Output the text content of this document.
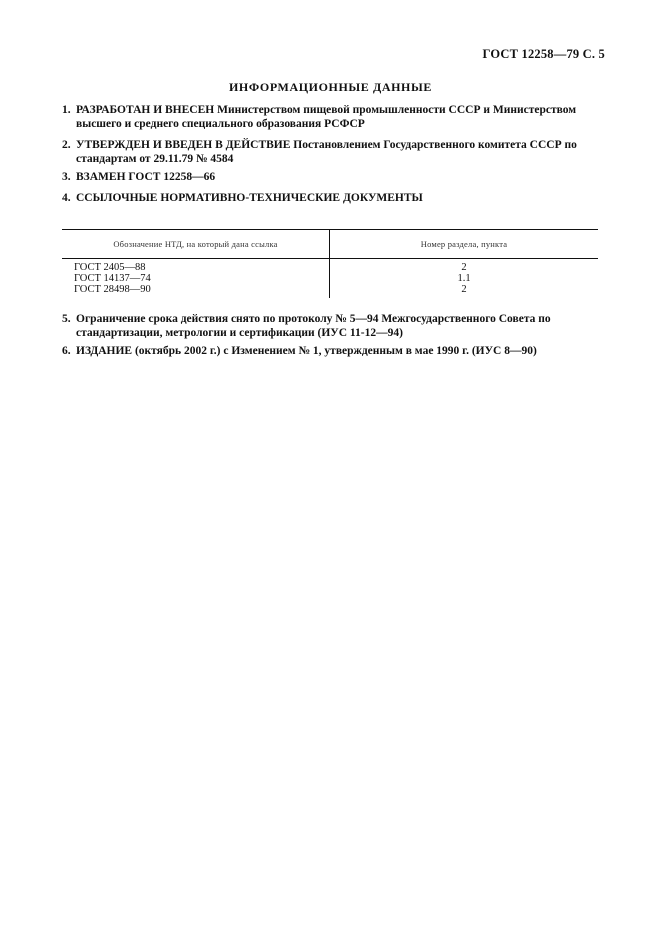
ГОСТ 12258—79 С. 5
ИНФОРМАЦИОННЫЕ ДАННЫЕ
1. РАЗРАБОТАН И ВНЕСЕН Министерством пищевой промышленности СССР и Министерством высшего и среднего специального образования РСФСР
2. УТВЕРЖДЕН И ВВЕДЕН В ДЕЙСТВИЕ Постановлением Государственного комитета СССР по стандартам от 29.11.79 № 4584
3. ВЗАМЕН ГОСТ 12258—66
4. ССЫЛОЧНЫЕ НОРМАТИВНО-ТЕХНИЧЕСКИЕ ДОКУМЕНТЫ
Обозначение НТД, на который дана ссылка	Номер раздела, пункта
ГОСТ 2405—88	2
ГОСТ 14137—74	1.1
ГОСТ 28498—90	2
5. Ограничение срока действия снято по протоколу № 5—94 Межгосударственного Совета по стандартизации, метрологии и сертификации (ИУС 11-12—94)
6. ИЗДАНИЕ (октябрь 2002 г.) с Изменением № 1, утвержденным в мае 1990 г. (ИУС 8—90)
